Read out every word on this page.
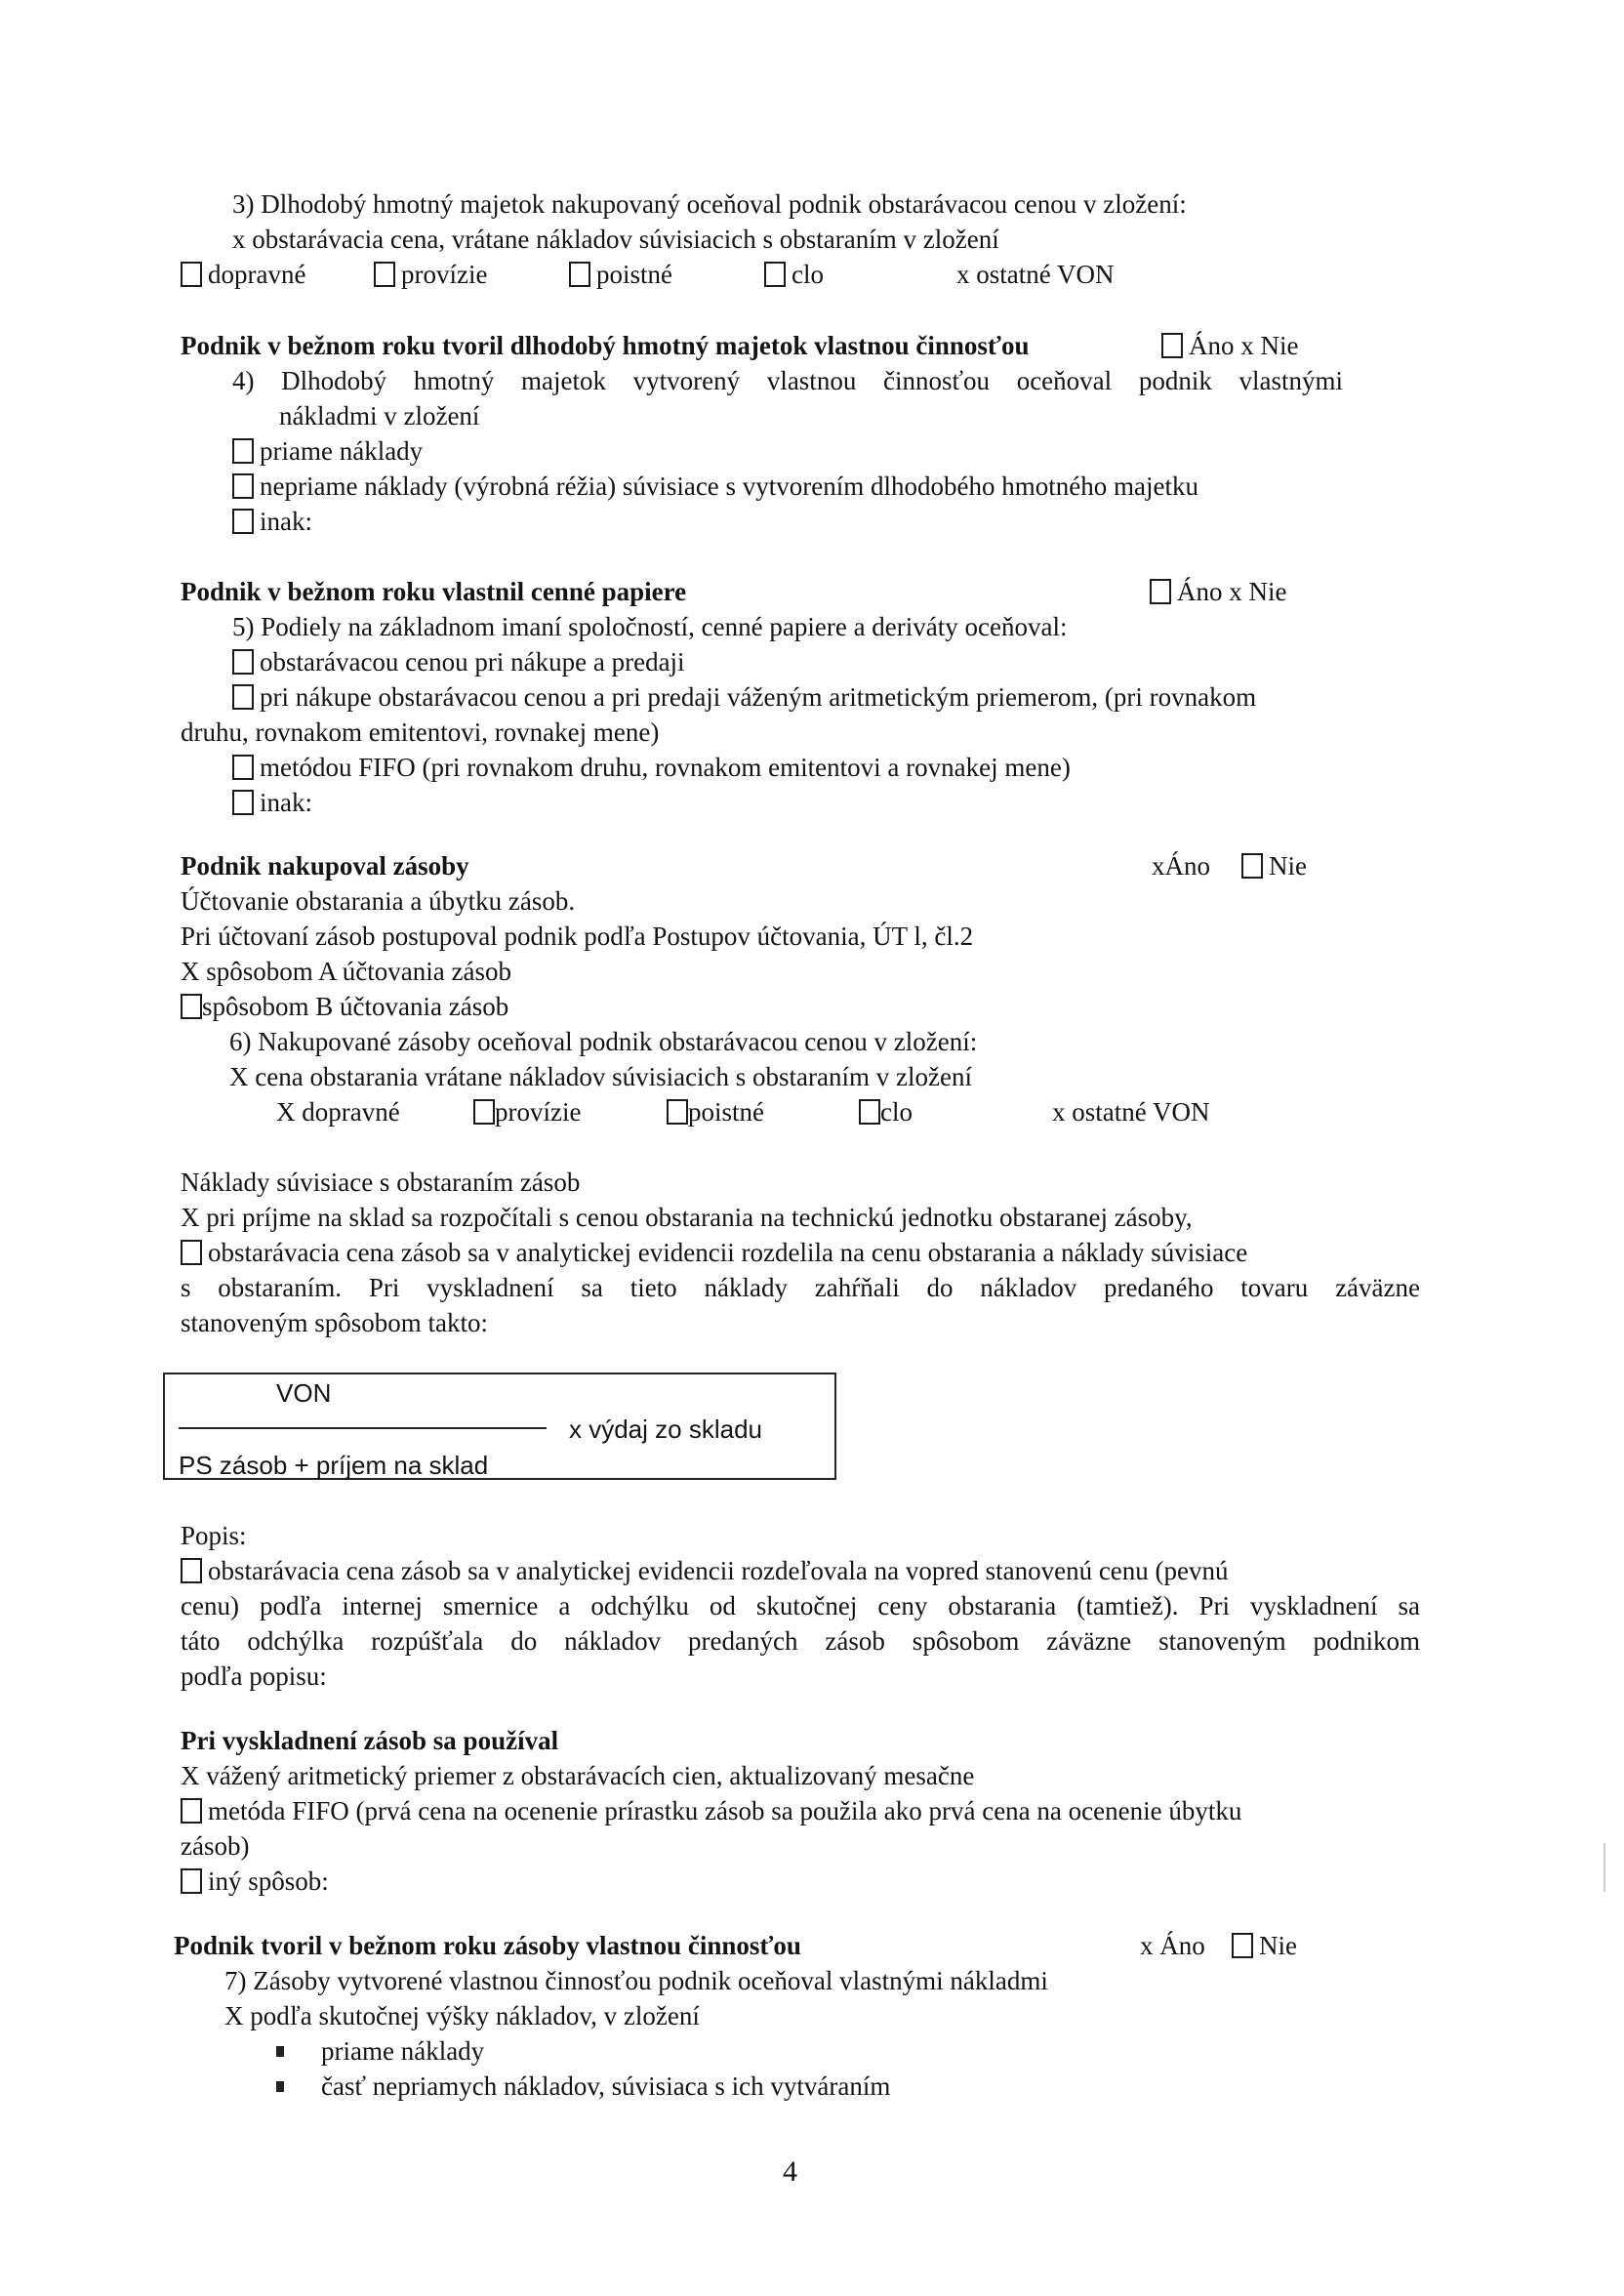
3) Dlhodobý hmotný majetok nakupovaný oceňoval podnik obstarávacou cenou v zložení:
x obstarávacia cena, vrátane nákladov súvisiacich s obstaraním v zložení
dopravné	provízie	poistné	clo	x ostatné VON
Podnik v bežnom roku tvoril dlhodobý hmotný majetok vlastnou činnosťou	Áno x Nie
4) Dlhodobý hmotný majetok vytvorený vlastnou činnosťou oceňoval podnik vlastnými
nákladmi v zložení
priame náklady
nepriame náklady (výrobná réžia) súvisiace s vytvorením dlhodobého hmotného majetku
inak:
Podnik v bežnom roku vlastnil cenné papiere	Áno x Nie
5) Podiely na základnom imaní spoločností, cenné papiere a deriváty oceňoval:
obstarávacou cenou pri nákupe a predaji
pri nákupe obstarávacou cenou a pri predaji váženým aritmetickým priemerom, (pri rovnakom
druhu, rovnakom emitentovi, rovnakej mene)
metódou FIFO (pri rovnakom druhu, rovnakom emitentovi a rovnakej mene)
inak:
Podnik nakupoval zásoby	xÁno	Nie
Účtovanie obstarania a úbytku zásob.
Pri účtovaní zásob postupoval podnik podľa Postupov účtovania, ÚT l, čl.2
X spôsobom A účtovania zásob
spôsobom B účtovania zásob
6) Nakupované zásoby oceňoval podnik obstarávacou cenou v zložení:
X cena obstarania vrátane nákladov súvisiacich s obstaraním v zložení
X dopravné	provízie	poistné	clo	x ostatné VON
Náklady súvisiace s obstaraním zásob
X pri príjme na sklad sa rozpočítali s cenou obstarania na technickú jednotku obstaranej zásoby,
obstarávacia cena zásob sa v analytickej evidencii rozdelila na cenu obstarania a náklady súvisiace
s obstaraním. Pri vyskladnení sa tieto náklady zahŕňali do nákladov predaného tovaru záväzne
stanoveným spôsobom takto:
VON
x výdaj zo skladu
PS zásob + príjem na sklad
Popis:
obstarávacia cena zásob sa v analytickej evidencii rozdeľovala na vopred stanovenú cenu (pevnú
cenu) podľa internej smernice a odchýlku od skutočnej ceny obstarania (tamtiež). Pri vyskladnení sa
táto odchýlka rozpúšťala do nákladov predaných zásob spôsobom záväzne stanoveným podnikom
podľa popisu:
Pri vyskladnení zásob sa používal
X vážený aritmetický priemer z obstarávacích cien, aktualizovaný mesačne
metóda FIFO (prvá cena na ocenenie prírastku zásob sa použila ako prvá cena na ocenenie úbytku
zásob)
iný spôsob:
Podnik tvoril v bežnom roku zásoby vlastnou činnosťou	x Áno	Nie
7) Zásoby vytvorené vlastnou činnosťou podnik oceňoval vlastnými nákladmi
X podľa skutočnej výšky nákladov, v zložení
priame náklady
časť nepriamych nákladov, súvisiaca s ich vytváraním
4
